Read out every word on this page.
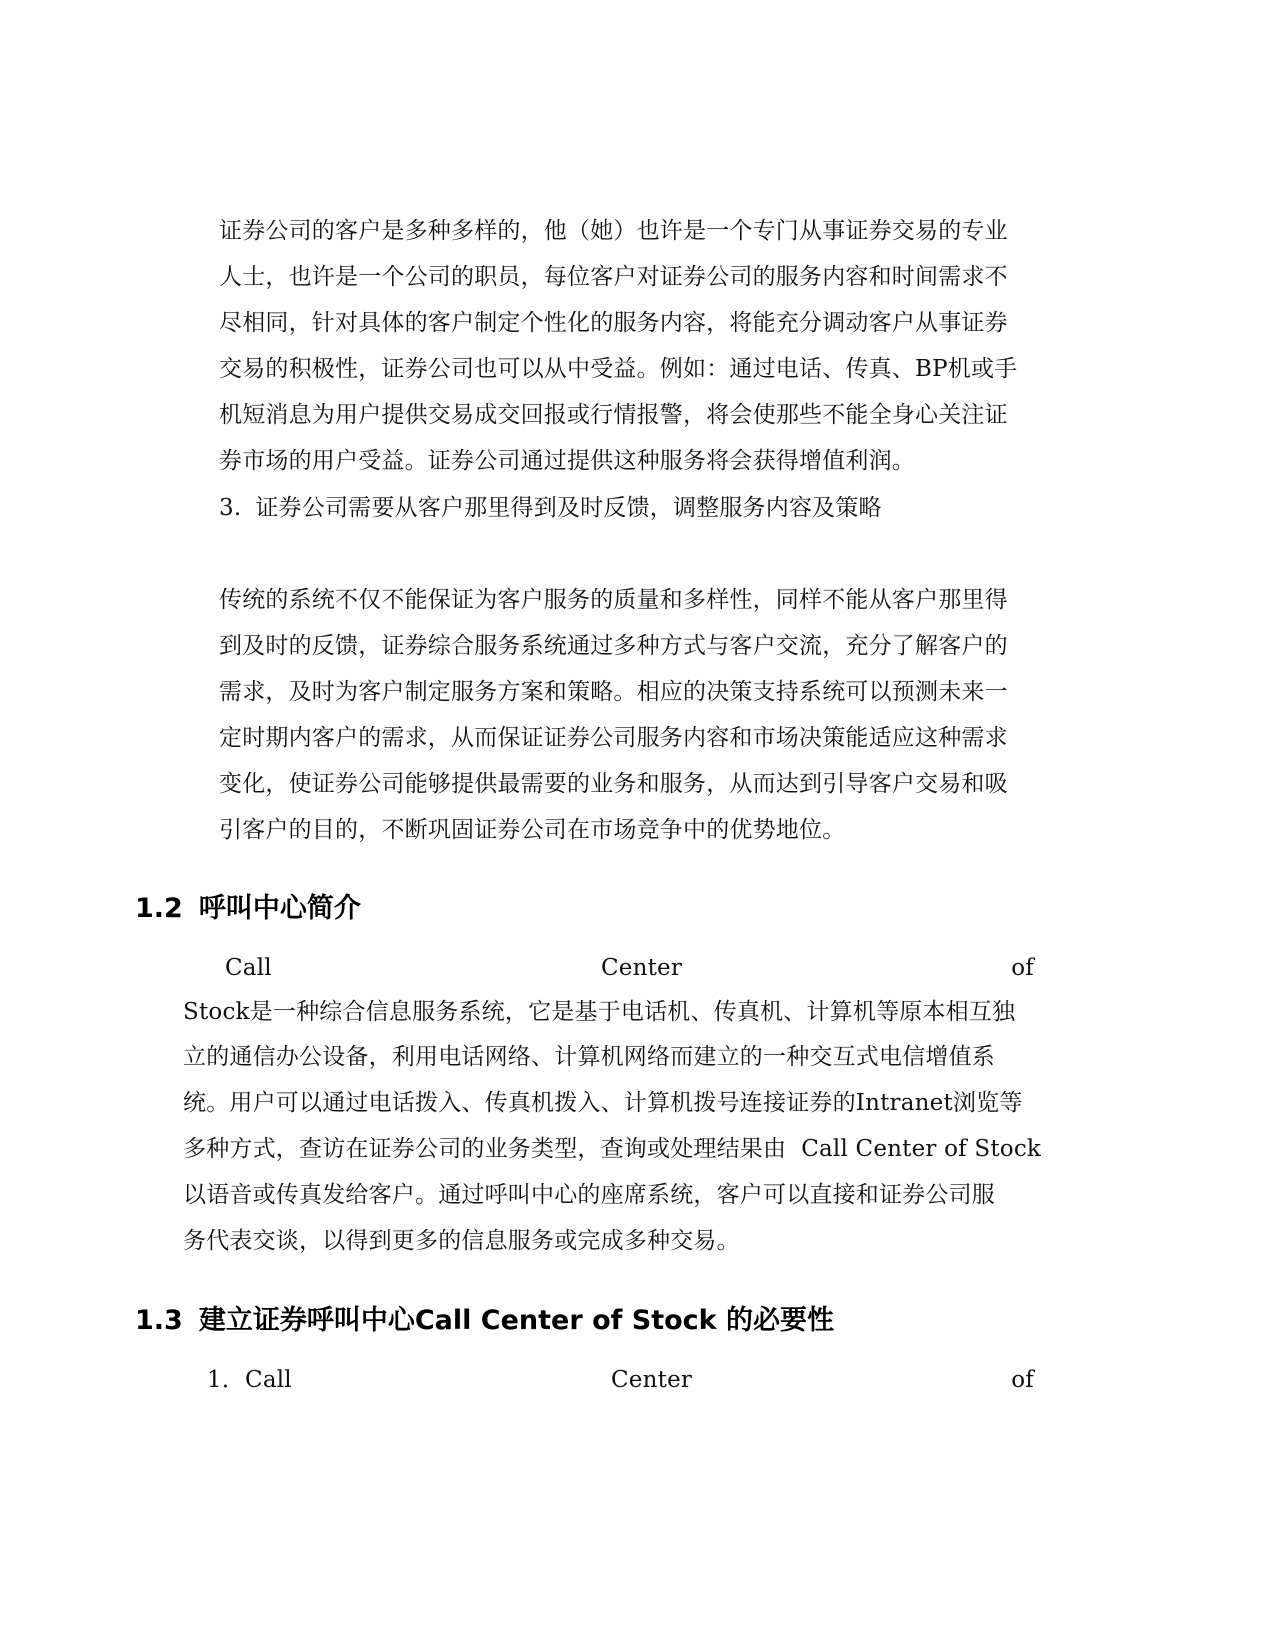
证券公司的客户是多种多样的，他（她）也许是一个专门从事证券交易的专业
人士，也许是一个公司的职员，每位客户对证券公司的服务内容和时间需求不
尽相同，针对具体的客户制定个性化的服务内容，将能充分调动客户从事证券
交易的积极性，证券公司也可以从中受益。例如：通过电话、传真、BP机或手
机短消息为用户提供交易成交回报或行情报警，将会使那些不能全身心关注证
券市场的用户受益。证券公司通过提供这种服务将会获得增值利润。
3. 证券公司需要从客户那里得到及时反馈，调整服务内容及策略
传统的系统不仅不能保证为客户服务的质量和多样性，同样不能从客户那里得
到及时的反馈，证券综合服务系统通过多种方式与客户交流，充分了解客户的
需求，及时为客户制定服务方案和策略。相应的决策支持系统可以预测未来一
定时期内客户的需求，从而保证证券公司服务内容和市场决策能适应这种需求
变化，使证券公司能够提供最需要的业务和服务，从而达到引导客户交易和吸
引客户的目的，不断巩固证券公司在市场竞争中的优势地位。
1.2 呼叫中心简介
Call	Center	of
Stock是一种综合信息服务系统，它是基于电话机、传真机、计算机等原本相互独
立的通信办公设备，利用电话网络、计算机网络而建立的一种交互式电信增值系
统。用户可以通过电话拨入、传真机拨入、计算机拨号连接证券的Intranet浏览等
多种方式，查访在证券公司的业务类型，查询或处理结果由  Call Center of Stock
以语音或传真发给客户。通过呼叫中心的座席系统，客户可以直接和证券公司服
务代表交谈，以得到更多的信息服务或完成多种交易。
1.3 建立证券呼叫中心Call Center of Stock 的必要性
1．Call	Center	of
